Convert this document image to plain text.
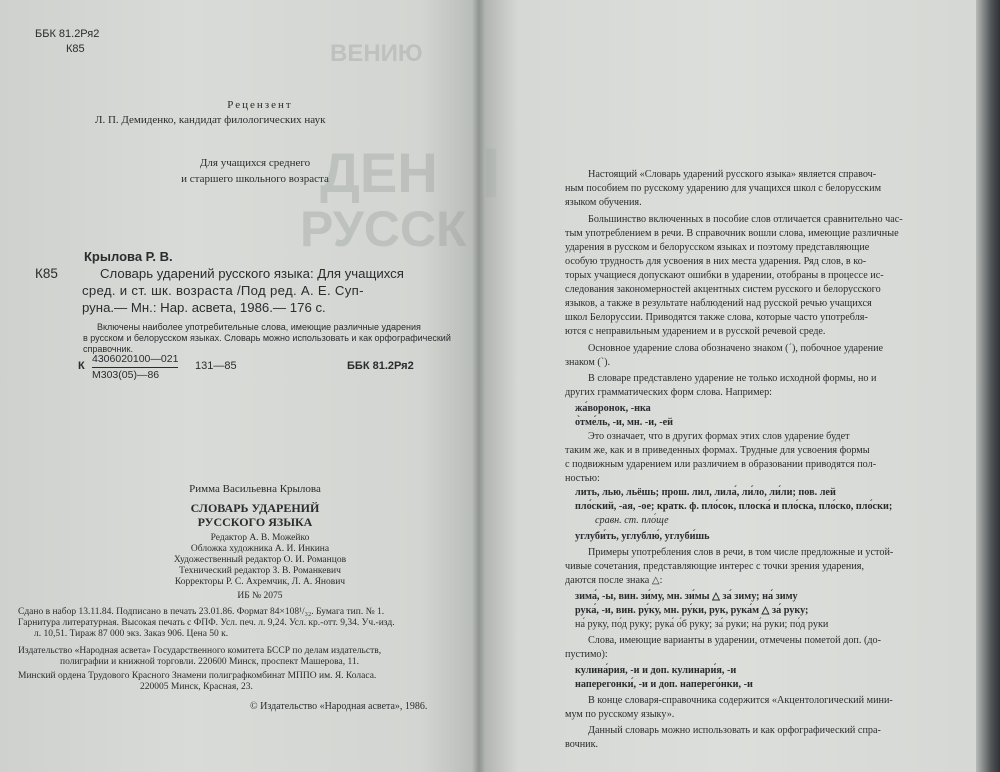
ВЕНИЮ
ДЕН
РУССК
ББК 81.2Ря2
К85
Рецензент
Л. П. Демиденко, кандидат филологических наук
Для учащихся среднего
и старшего школьного возраста
Крылова Р. В.
К85	Словарь ударений русского языка: Для учащихся
сред. и ст. шк. возраста /Под ред. А. Е. Суп-
руна.— Мн.: Нар. асвета, 1986.— 176 с.
Включены наиболее употребительные слова, имеющие различные ударения
в русском и белорусском языках. Словарь можно использовать и как орфографический
справочник.
К
4306020100—021
М303(05)—86
131—85	ББК 81.2Ря2
Римма Васильевна Крылова
СЛОВАРЬ УДАРЕНИЙ
РУССКОГО ЯЗЫКА
Редактор А. В. Можейко
Обложка художника А. И. Инкина
Художественный редактор О. И. Романцов
Технический редактор З. В. Романкевич
Корректоры Р. С. Ахремчик, Л. А. Янович
ИБ № 2075
Сдано в набор 13.11.84. Подписано в печать 23.01.86. Формат 84×108¹/₃₂. Бумага тип. № 1.
Гарнитура литературная. Высокая печать с ФПФ. Усл. печ. л. 9,24. Усл. кр.-отт. 9,34. Уч.-изд.
л. 10,51. Тираж 87 000 экз. Заказ 906. Цена 50 к.
Издательство «Народная асвета» Государственного комитета БССР по делам издательств,
полиграфии и книжной торговли. 220600 Минск, проспект Машерова, 11.
Минский ордена Трудового Красного Знамени полиграфкомбинат МППО им. Я. Коласа.
220005 Минск, Красная, 23.
© Издательство «Народная асвета», 1986.
▌	Настоящий «Словарь ударений русского языка» является справоч-
ным пособием по русскому ударению для учащихся школ с белорусским
языком обучения.
Большинство включенных в пособие слов отличается сравнительно час-
тым употреблением в речи. В справочник вошли слова, имеющие различные
ударения в русском и белорусском языках и поэтому представляющие
особую трудность для усвоения в них места ударения. Ряд слов, в ко-
торых учащиеся допускают ошибки в ударении, отобраны в процессе ис-
следования закономерностей акцентных систем русского и белорусского
языков, а также в результате наблюдений над русской речью учащихся
школ Белоруссии. Приводятся также слова, которые часто употребля-
ются с неправильным ударением и в русской речевой среде.
Основное ударение слова обозначено знаком (´), побочное ударение
знаком (`).
В словаре представлено ударение не только исходной формы, но и
других грамматических форм слова. Например:
жа́воронок, -нка
о̀тме́ль, -и, мн. -и, -ей
Это означает, что в других формах этих слов ударение будет
таким же, как и в приведенных формах. Трудные для усвоения формы
с подвижным ударением или различием в образовании приводятся пол-
ностью:
лить, лью, льёшь; прош. лил, лила́, ли́ло, ли́ли; пов. лей
пло́ский, -ая, -ое; кратк. ф. пло́сок, плоска́ и пло́ска, пло́ско, пло́ски;
сравн. ст. пло́ще
углуби́ть, углублю́, углуби́шь
Примеры употребления слов в речи, в том числе предложные и устой-
чивые сочетания, представляющие интерес с точки зрения ударения,
даются после знака △:
зима́, -ы, вин. зи́му, мн. зи́мы △ за́ зиму; на́ зиму
рука́, -и, вин. ру́ку, мн. ру́ки, рук, рука́м △ за́ руку;
на́ руку, по́д руку; рука́ о́б руку; за́ руки; на́ руки; по́д руки
Слова, имеющие варианты в ударении, отмечены пометой доп. (до-
пустимо):
кулина́рия, -и и доп. кулинари́я, -и
наперегонки́, -и и доп. наперего́нки, -и
В конце словаря-справочника содержится «Акцентологический мини-
мум по русскому языку».
Данный словарь можно использовать и как орфографический спра-
вочник.
